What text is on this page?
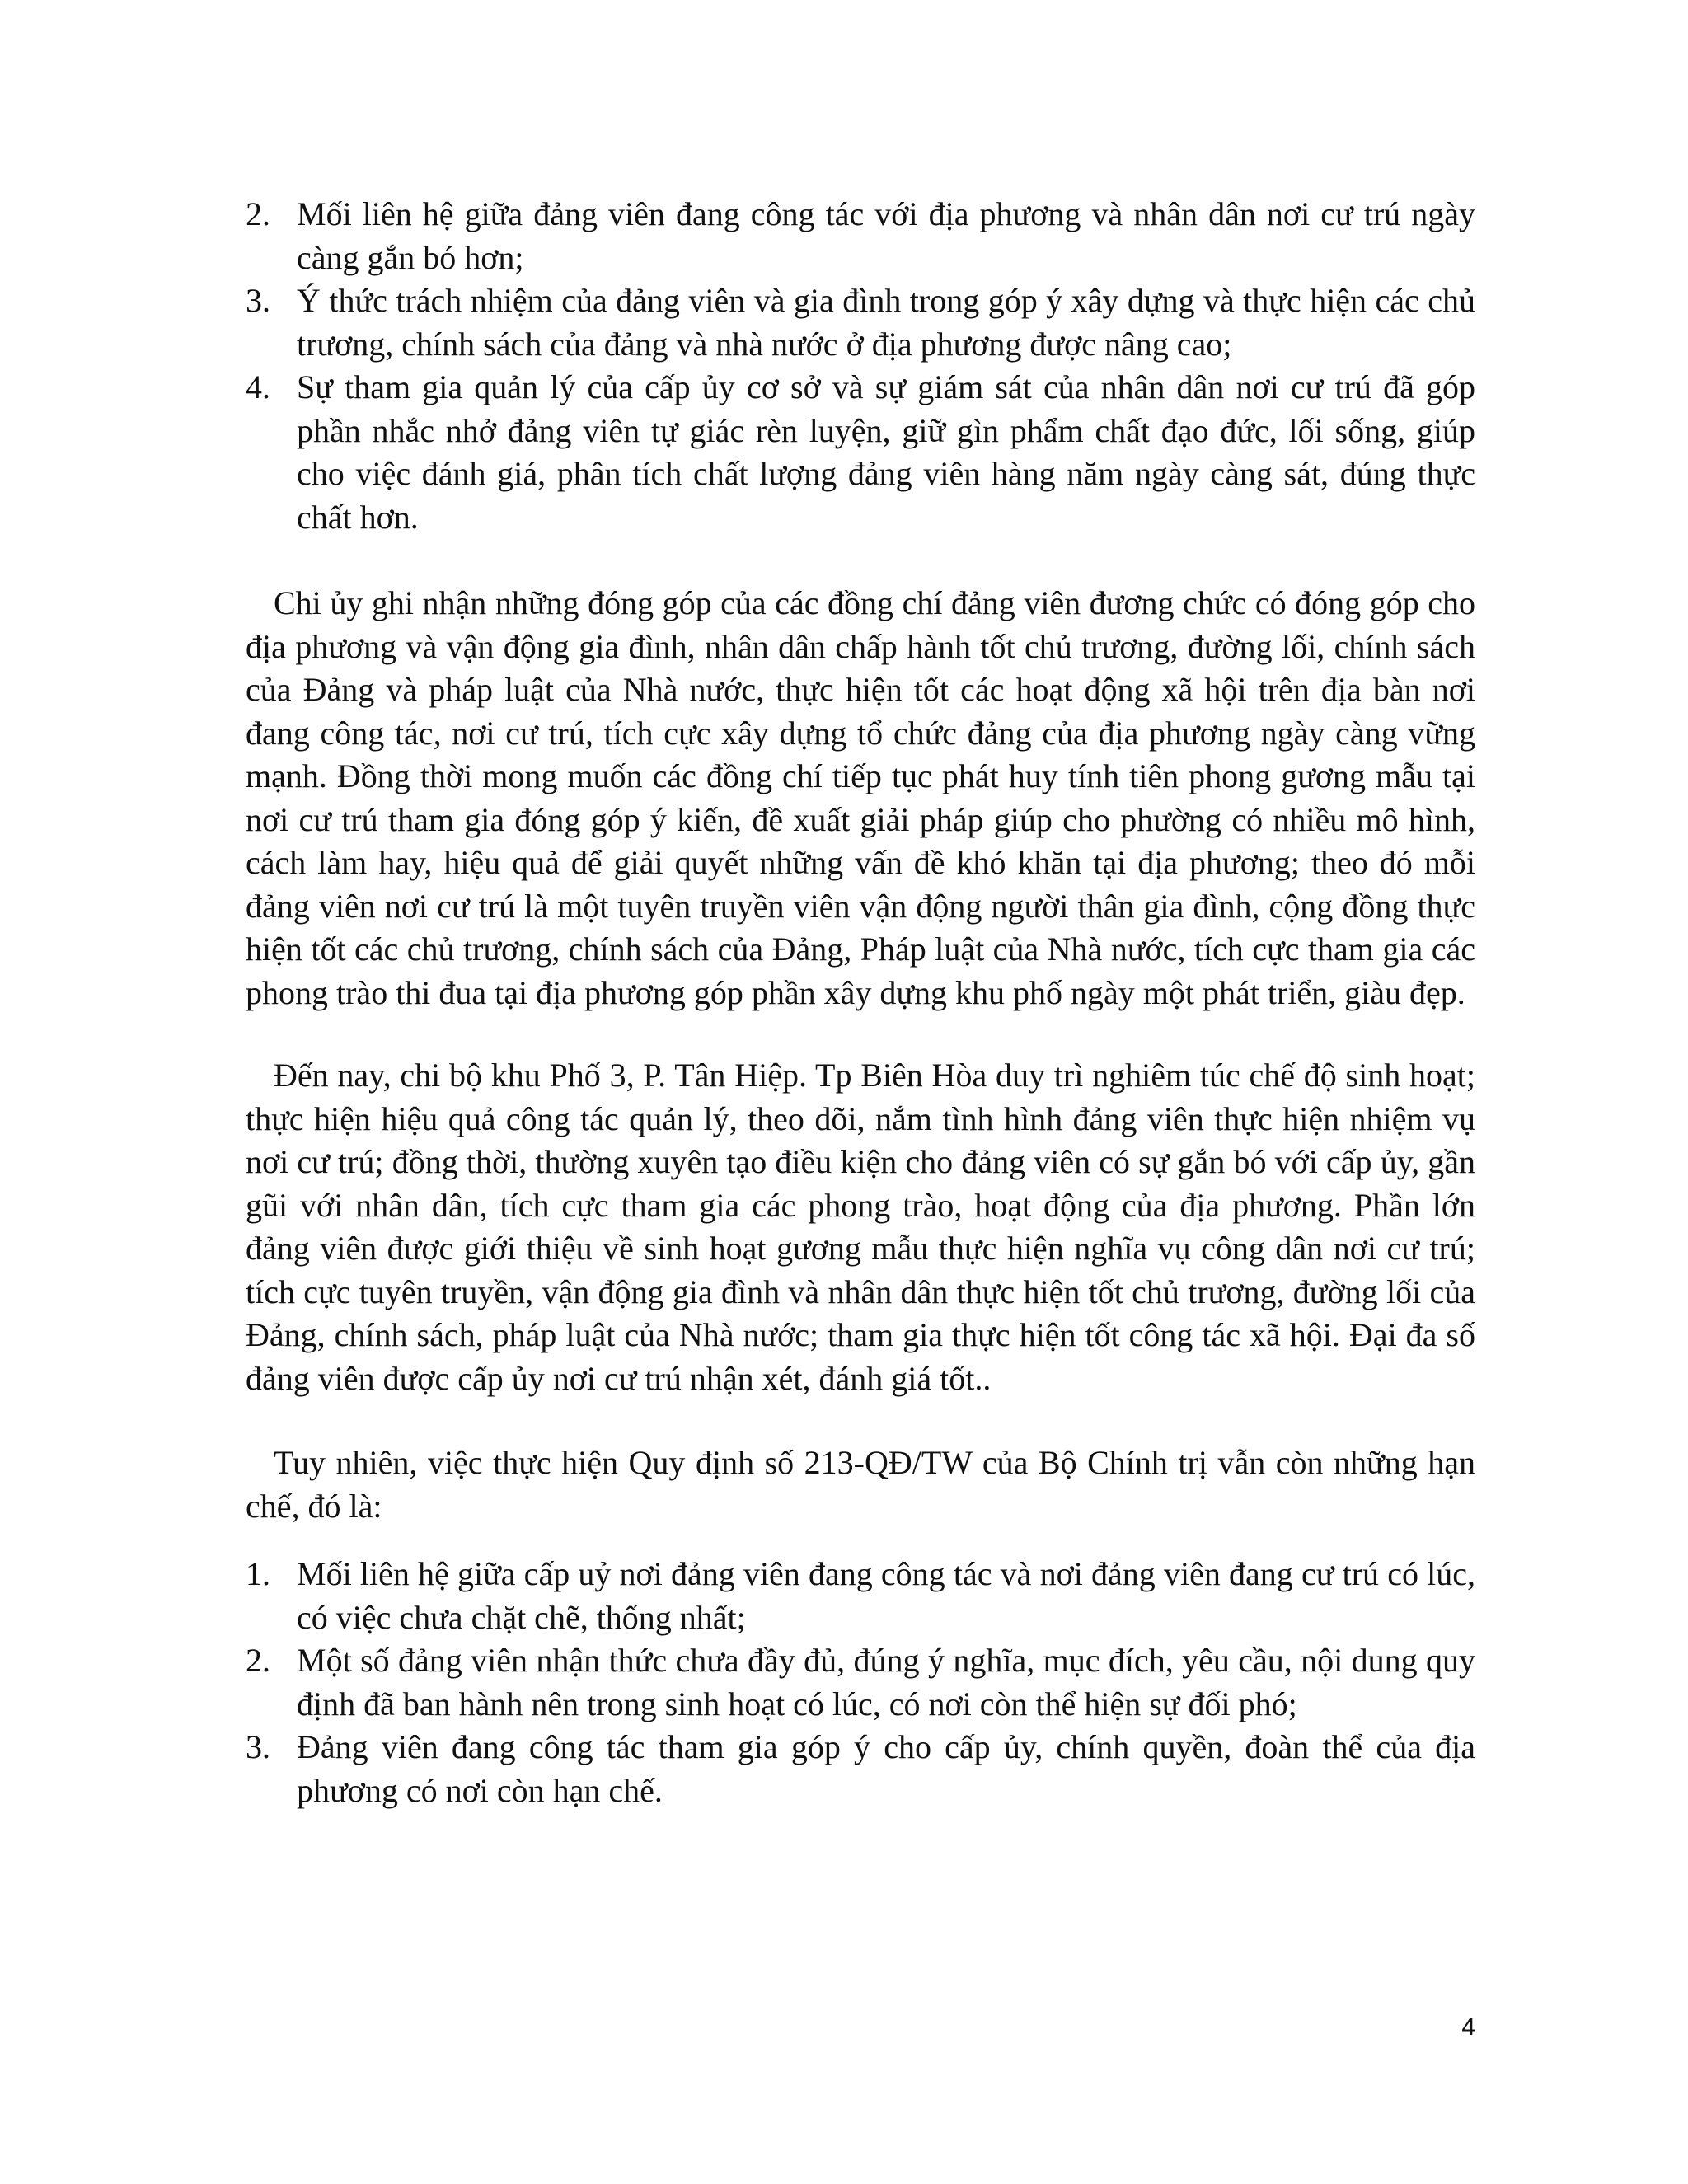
2. Mối liên hệ giữa đảng viên đang công tác với địa phương và nhân dân nơi cư trú ngày càng gắn bó hơn;
3. Ý thức trách nhiệm của đảng viên và gia đình trong góp ý xây dựng và thực hiện các chủ trương, chính sách của đảng và nhà nước ở địa phương được nâng cao;
4. Sự tham gia quản lý của cấp ủy cơ sở và sự giám sát của nhân dân nơi cư trú đã góp phần nhắc nhở đảng viên tự giác rèn luyện, giữ gìn phẩm chất đạo đức, lối sống, giúp cho việc đánh giá, phân tích chất lượng đảng viên hàng năm ngày càng sát, đúng thực chất hơn.

Chi ủy ghi nhận những đóng góp của các đồng chí đảng viên đương chức có đóng góp cho địa phương và vận động gia đình, nhân dân chấp hành tốt chủ trương, đường lối, chính sách của Đảng và pháp luật của Nhà nước, thực hiện tốt các hoạt động xã hội trên địa bàn nơi đang công tác, nơi cư trú, tích cực xây dựng tổ chức đảng của địa phương ngày càng vững mạnh. Đồng thời mong muốn các đồng chí tiếp tục phát huy tính tiên phong gương mẫu tại nơi cư trú tham gia đóng góp ý kiến, đề xuất giải pháp giúp cho phường có nhiều mô hình, cách làm hay, hiệu quả để giải quyết những vấn đề khó khăn tại địa phương; theo đó mỗi đảng viên nơi cư trú là một tuyên truyền viên vận động người thân gia đình, cộng đồng thực hiện tốt các chủ trương, chính sách của Đảng, Pháp luật của Nhà nước, tích cực tham gia các phong trào thi đua tại địa phương góp phần xây dựng khu phố ngày một phát triển, giàu đẹp.

Đến nay, chi bộ khu Phố 3, P. Tân Hiệp. Tp Biên Hòa duy trì nghiêm túc chế độ sinh hoạt; thực hiện hiệu quả công tác quản lý, theo dõi, nắm tình hình đảng viên thực hiện nhiệm vụ nơi cư trú; đồng thời, thường xuyên tạo điều kiện cho đảng viên có sự gắn bó với cấp ủy, gần gũi với nhân dân, tích cực tham gia các phong trào, hoạt động của địa phương. Phần lớn đảng viên được giới thiệu về sinh hoạt gương mẫu thực hiện nghĩa vụ công dân nơi cư trú; tích cực tuyên truyền, vận động gia đình và nhân dân thực hiện tốt chủ trương, đường lối của Đảng, chính sách, pháp luật của Nhà nước; tham gia thực hiện tốt công tác xã hội. Đại đa số đảng viên được cấp ủy nơi cư trú nhận xét, đánh giá tốt..

Tuy nhiên, việc thực hiện Quy định số 213-QĐ/TW của Bộ Chính trị vẫn còn những hạn chế, đó là:

1. Mối liên hệ giữa cấp uỷ nơi đảng viên đang công tác và nơi đảng viên đang cư trú có lúc, có việc chưa chặt chẽ, thống nhất;
2. Một số đảng viên nhận thức chưa đầy đủ, đúng ý nghĩa, mục đích, yêu cầu, nội dung quy định đã ban hành nên trong sinh hoạt có lúc, có nơi còn thể hiện sự đối phó;
3. Đảng viên đang công tác tham gia góp ý cho cấp ủy, chính quyền, đoàn thể của địa phương có nơi còn hạn chế.
4
